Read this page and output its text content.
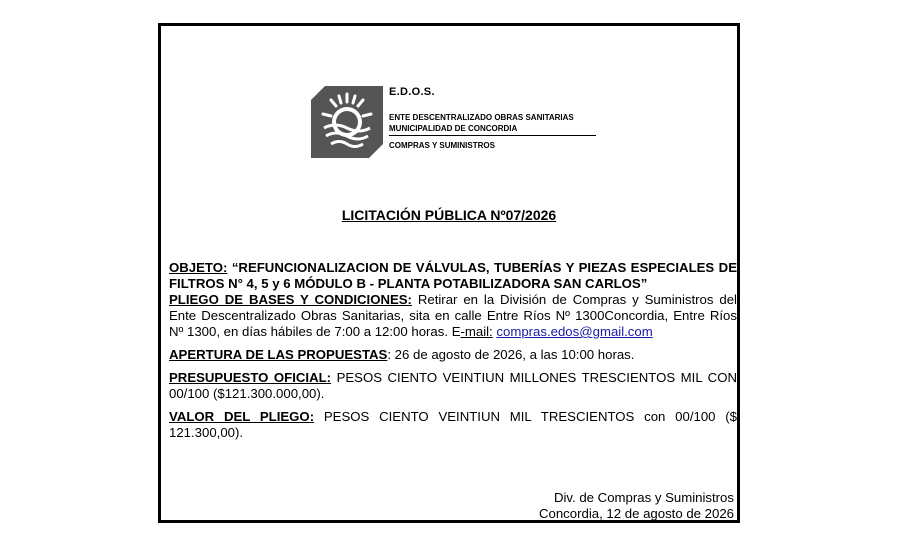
E.D.O.S.
ENTE DESCENTRALIZADO OBRAS SANITARIAS
MUNICIPALIDAD DE CONCORDIA
COMPRAS Y SUMINISTROS
LICITACIÓN PÚBLICA Nº07/2026

OBJETO: “REFUNCIONALIZACION DE VÁLVULAS, TUBERÍAS Y PIEZAS ESPECIALES DE FILTROS N° 4, 5 y 6 MÓDULO B - PLANTA POTABILIZADORA SAN CARLOS”

PLIEGO DE BASES Y CONDICIONES: Retirar en la División de Compras y Suministros del Ente Descentralizado Obras Sanitarias, sita en calle Entre Ríos Nº 1300Concordia, Entre Ríos Nº 1300, en días hábiles de 7:00 a 12:00 horas. E-mail: compras.edos@gmail.com

APERTURA DE LAS PROPUESTAS: 26 de agosto de 2026, a las 10:00 horas.

PRESUPUESTO OFICIAL: PESOS CIENTO VEINTIUN MILLONES TRESCIENTOS MIL CON 00/100 ($121.300.000,00).

VALOR DEL PLIEGO: PESOS CIENTO VEINTIUN MIL TRESCIENTOS con 00/100 ($ 121.300,00).

Div. de Compras y Suministros
Concordia, 12 de agosto de 2026
